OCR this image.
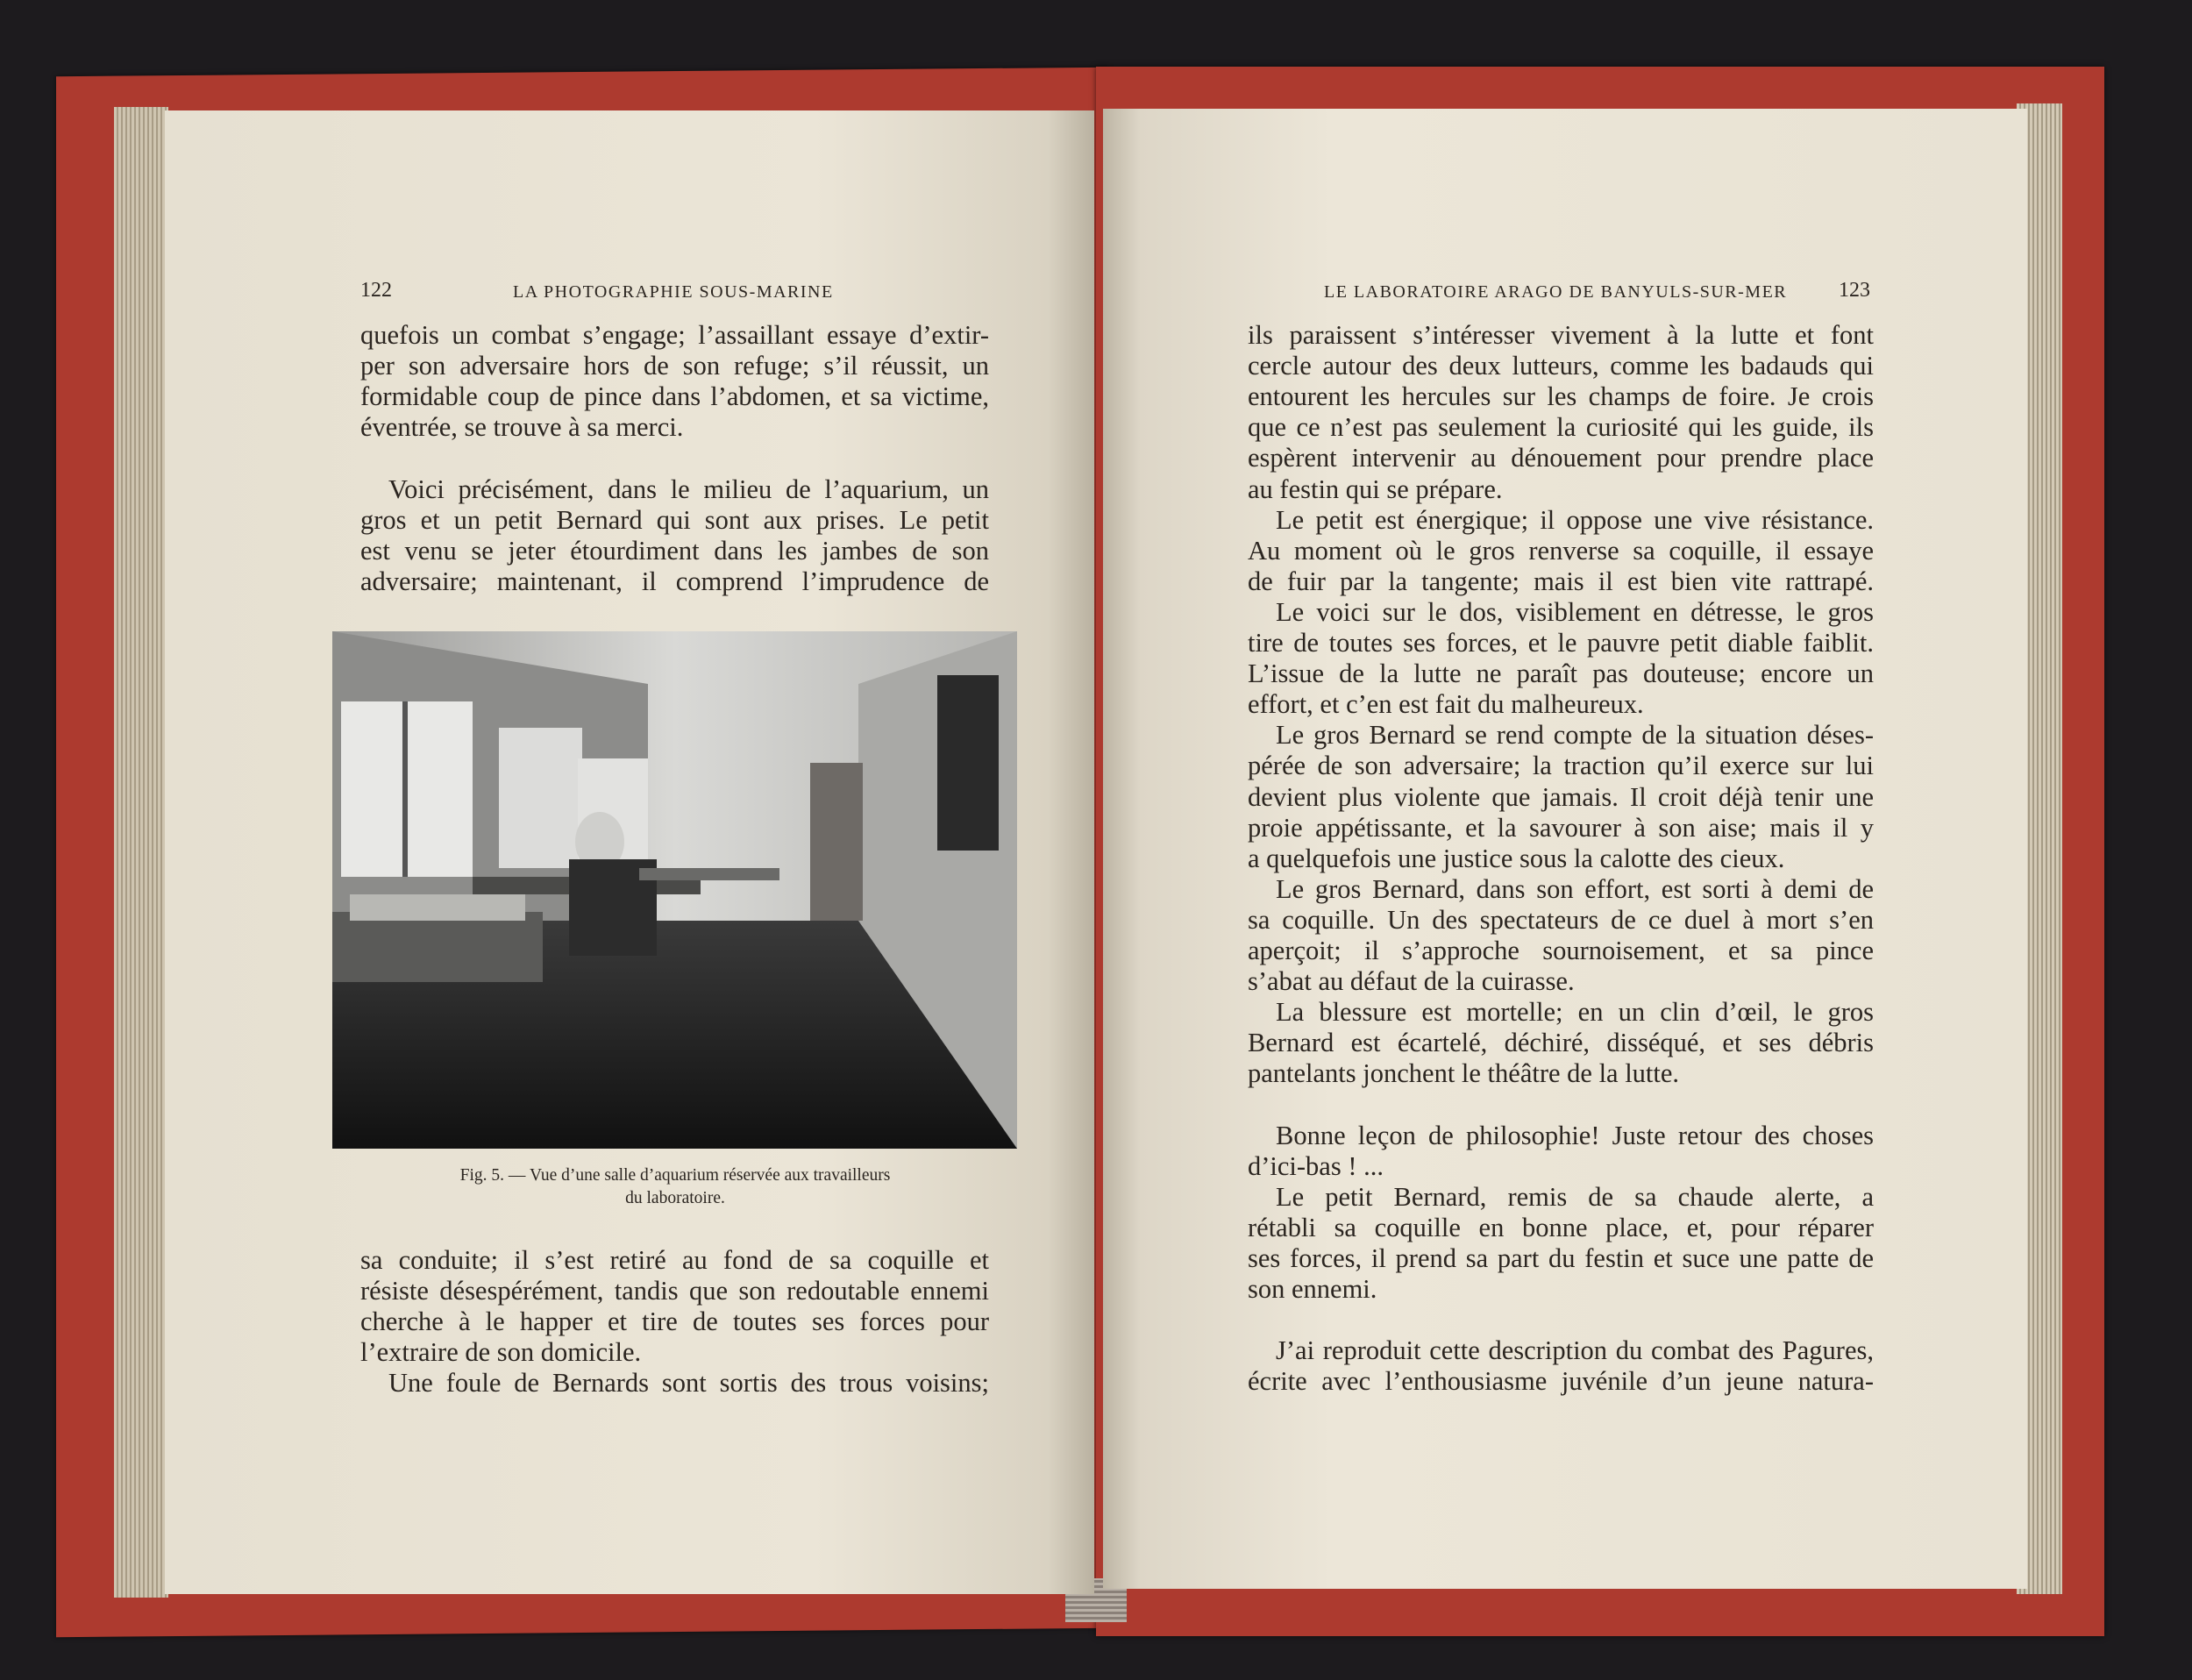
122	LA PHOTOGRAPHIE SOUS-MARINE	LE LABORATOIRE ARAGO DE BANYULS-SUR-MER 123
quefois un combat s’engage; l’assaillant essaye d’extir-
per son adversaire hors de son refuge; s’il réussit, un
formidable coup de pince dans l’abdomen, et sa victime,
éventrée, se trouve à sa merci.
Voici précisément, dans le milieu de l’aquarium, un
gros et un petit Bernard qui sont aux prises. Le petit
est venu se jeter étourdiment dans les jambes de son
adversaire; maintenant, il comprend l’imprudence de
sa conduite; il s’est retiré au fond de sa coquille et
résiste désespérément, tandis que son redoutable ennemi
cherche à le happer et tire de toutes ses forces pour
l’extraire de son domicile.
Une foule de Bernards sont sortis des trous voisins;
ils paraissent s’intéresser vivement à la lutte et font
cercle autour des deux lutteurs, comme les badauds qui
entourent les hercules sur les champs de foire. Je crois
que ce n’est pas seulement la curiosité qui les guide, ils
espèrent intervenir au dénouement pour prendre place
au festin qui se prépare.
Le petit est énergique; il oppose une vive résistance.
Au moment où le gros renverse sa coquille, il essaye
de fuir par la tangente; mais il est bien vite rattrapé.
Le voici sur le dos, visiblement en détresse, le gros
tire de toutes ses forces, et le pauvre petit diable faiblit.
L’issue de la lutte ne paraît pas douteuse; encore un
effort, et c’en est fait du malheureux.
Le gros Bernard se rend compte de la situation déses-
pérée de son adversaire; la traction qu’il exerce sur lui
devient plus violente que jamais. Il croit déjà tenir une
proie appétissante, et la savourer à son aise; mais il y
a quelquefois une justice sous la calotte des cieux.
Le gros Bernard, dans son effort, est sorti à demi de
sa coquille. Un des spectateurs de ce duel à mort s’en
aperçoit; il s’approche sournoisement, et sa pince
s’abat au défaut de la cuirasse.
La blessure est mortelle; en un clin d’œil, le gros
Bernard est écartelé, déchiré, disséqué, et ses débris
pantelants jonchent le théâtre de la lutte.
Bonne leçon de philosophie! Juste retour des choses
d’ici-bas ! ...
Le petit Bernard, remis de sa chaude alerte, a
rétabli sa coquille en bonne place, et, pour réparer
ses forces, il prend sa part du festin et suce une patte de
son ennemi.
J’ai reproduit cette description du combat des Pagures,
écrite avec l’enthousiasme juvénile d’un jeune natura-
Fig. 5. — Vue d’une salle d’aquarium réservée aux travailleurs
du laboratoire.
